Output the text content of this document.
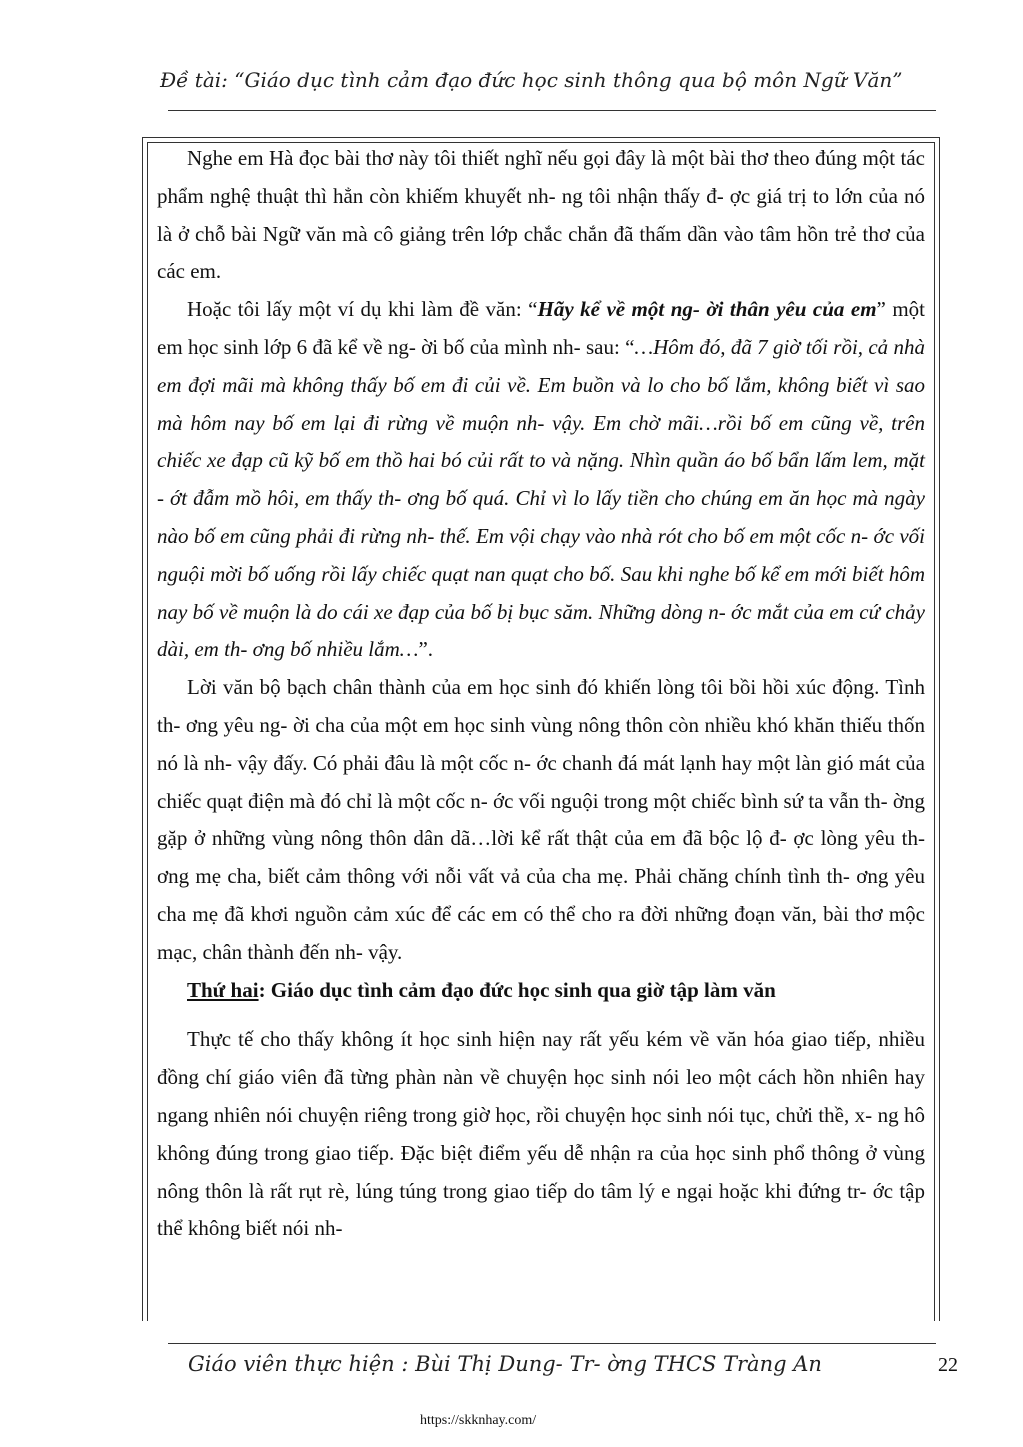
Đề tài: “Giáo dục tình cảm đạo đức học sinh thông qua bộ môn Ngữ Văn”

Nghe em Hà đọc bài thơ này tôi thiết nghĩ nếu gọi đây là một bài thơ theo đúng một tác phẩm nghệ thuật thì hẳn còn khiếm khuyết nh- ng tôi nhận thấy đ- ợc giá trị to lớn của nó là ở chỗ bài Ngữ văn mà cô giảng trên lớp chắc chắn đã thấm dần vào tâm hồn trẻ thơ của các em.

Hoặc tôi lấy một ví dụ khi làm đề văn: “Hãy kể về một ng- ời thân yêu của em” một em học sinh lớp 6 đã kể về ng- ời bố của mình nh- sau: “…Hôm đó, đã 7 giờ tối rồi, cả nhà em đợi mãi mà không thấy bố em đi củi về. Em buồn và lo cho bố lắm, không biết vì sao mà hôm nay bố em lại đi rừng về muộn nh- vậy. Em chờ mãi…rồi bố em cũng về, trên chiếc xe đạp cũ kỹ bố em thồ hai bó củi rất to và nặng. Nhìn quần áo bố bẩn lấm lem, mặt - ớt đẫm mồ hôi, em thấy th- ơng bố quá. Chỉ vì lo lấy tiền cho chúng em ăn học mà ngày nào bố em cũng phải đi rừng nh- thế. Em vội chạy vào nhà rót cho bố em một cốc n- ớc vối nguội mời bố uống rồi lấy chiếc quạt nan quạt cho bố. Sau khi nghe bố kể em mới biết hôm nay bố về muộn là do cái xe đạp của bố bị bục săm. Những dòng n- ớc mắt của em cứ chảy dài, em th- ơng bố nhiều lắm…”.

Lời văn bộ bạch chân thành của em học sinh đó khiến lòng tôi bồi hồi xúc động. Tình th- ơng yêu ng- ời cha của một em học sinh vùng nông thôn còn nhiều khó khăn thiếu thốn nó là nh- vậy đấy. Có phải đâu là một cốc n- ớc chanh đá mát lạnh hay một làn gió mát của chiếc quạt điện mà đó chỉ là một cốc n- ớc vối nguội trong một chiếc bình sứ ta vẫn th- ờng gặp ở những vùng nông thôn dân dã…lời kể rất thật của em đã bộc lộ đ- ợc lòng yêu th- ơng mẹ cha, biết cảm thông với nỗi vất vả của cha mẹ. Phải chăng chính tình th- ơng yêu cha mẹ đã khơi nguồn cảm xúc để các em có thể cho ra đời những đoạn văn, bài thơ mộc mạc, chân thành đến nh- vậy.

Thứ hai: Giáo dục tình cảm đạo đức học sinh qua giờ tập làm văn

Thực tế cho thấy không ít học sinh hiện nay rất yếu kém về văn hóa giao tiếp, nhiều đồng chí giáo viên đã từng phàn nàn về chuyện học sinh nói leo một cách hồn nhiên hay ngang nhiên nói chuyện riêng trong giờ học, rồi chuyện học sinh nói tục, chửi thề, x- ng hô không đúng trong giao tiếp. Đặc biệt điểm yếu dễ nhận ra của học sinh phổ thông ở vùng nông thôn là rất rụt rè, lúng túng trong giao tiếp do tâm lý e ngại hoặc khi đứng tr- ớc tập thể không biết nói nh-

Giáo viên thực hiện : Bùi Thị Dung- Tr- ờng THCS Tràng An	22
https://skknhay.com/
